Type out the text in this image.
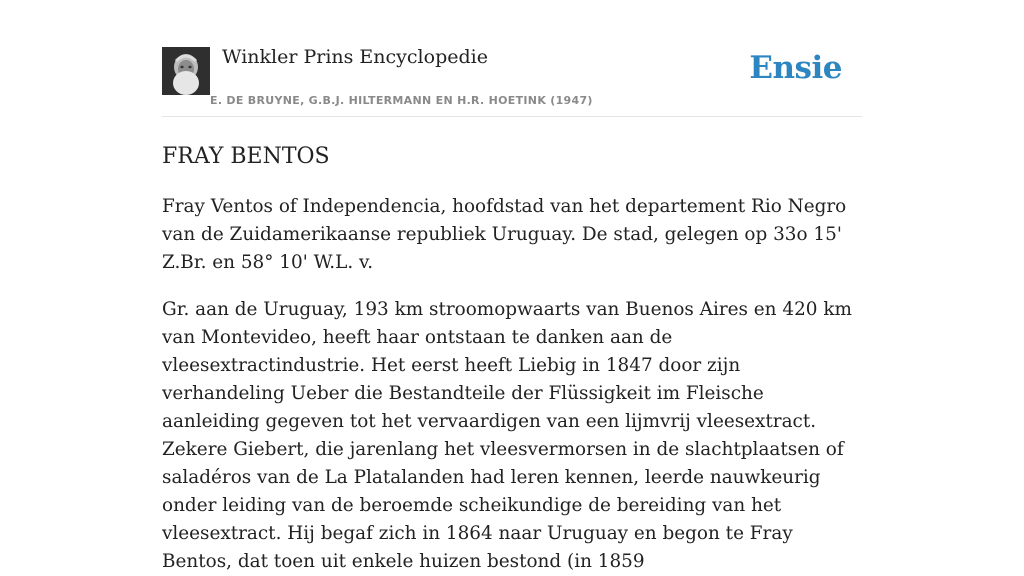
Winkler Prins Encyclopedie
E. DE BRUYNE, G.B.J. HILTERMANN EN H.R. HOETINK (1947)
Ensie
FRAY BENTOS

Fray Ventos of Independencia, hoofdstad van het departement Rio Negro van de Zuidamerikaanse republiek Uruguay. De stad, gelegen op 33o 15' Z.Br. en 58° 10' W.L. v.

Gr. aan de Uruguay, 193 km stroomopwaarts van Buenos Aires en 420 km van Montevideo, heeft haar ontstaan te danken aan de vleesextractindustrie. Het eerst heeft Liebig in 1847 door zijn verhandeling Ueber die Bestandteile der Flüssigkeit im Fleische aanleiding gegeven tot het vervaardigen van een lijmvrij vleesextract. Zekere Giebert, die jarenlang het vleesvermorsen in de slachtplaatsen of saladéros van de La Platalanden had leren kennen, leerde nauwkeurig onder leiding van de beroemde scheikundige de bereiding van het vleesextract. Hij begaf zich in 1864 naar Uruguay en begon te Fray Bentos, dat toen uit enkele huizen bestond (in 1859
